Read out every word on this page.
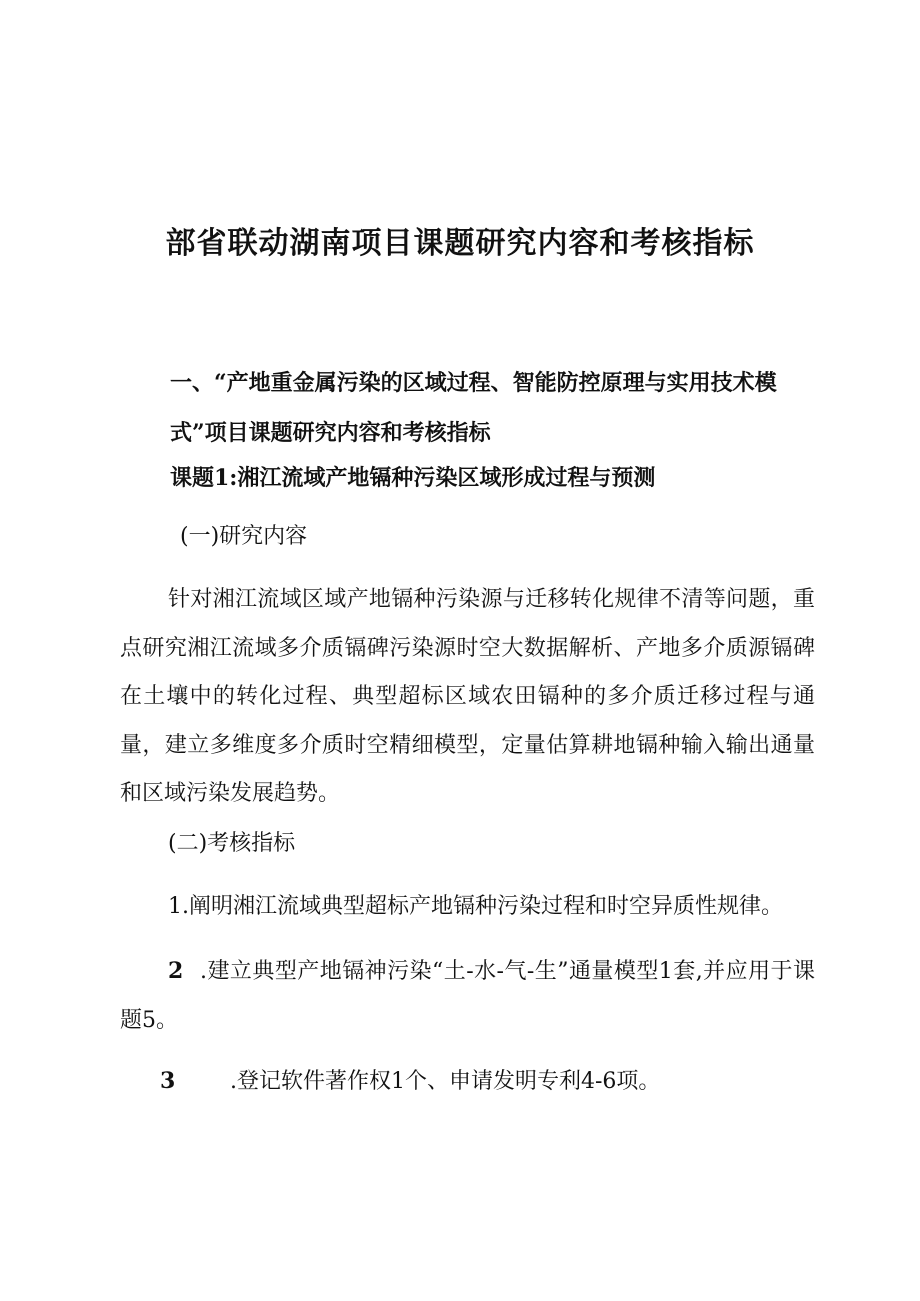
部省联动湖南项目课题研究内容和考核指标
一、“产地重金属污染的区域过程、智能防控原理与实用技术模式”项目课题研究内容和考核指标
课题1:湘江流域产地镉种污染区域形成过程与预测
(一)研究内容
针对湘江流域区域产地镉种污染源与迁移转化规律不清等问题，重点研究湘江流域多介质镉碑污染源时空大数据解析、产地多介质源镉碑在土壤中的转化过程、典型超标区域农田镉种的多介质迁移过程与通量，建立多维度多介质时空精细模型，定量估算耕地镉种输入输出通量和区域污染发展趋势。
(二)考核指标
1.阐明湘江流域典型超标产地镉种污染过程和时空异质性规律。
2 .建立典型产地镉神污染“土-水-气-生”通量模型1套,并应用于课题5。
3 .登记软件著作权1个、申请发明专利4-6项。
